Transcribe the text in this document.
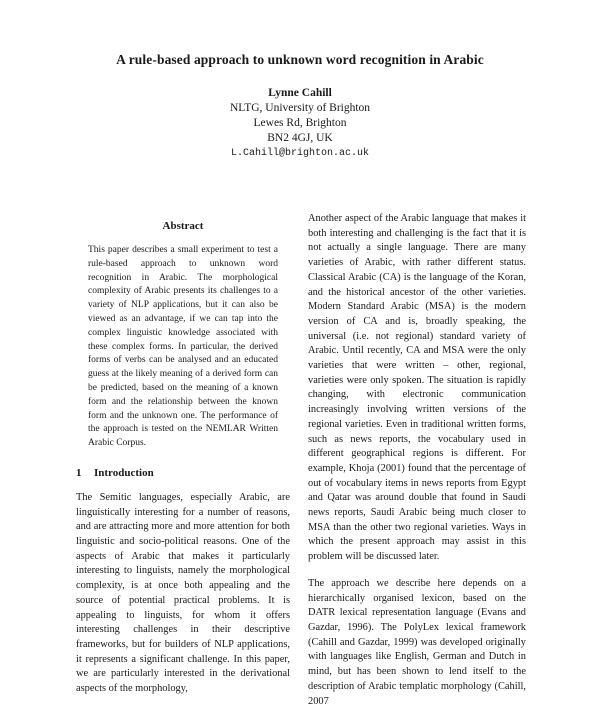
A rule-based approach to unknown word recognition in Arabic
Lynne Cahill
NLTG, University of Brighton
Lewes Rd, Brighton
BN2 4GJ, UK
L.Cahill@brighton.ac.uk
Abstract
This paper describes a small experiment to test a rule-based approach to unknown word recognition in Arabic. The morphological complexity of Arabic presents its challenges to a variety of NLP applications, but it can also be viewed as an advantage, if we can tap into the complex linguistic knowledge associated with these complex forms. In particular, the derived forms of verbs can be analysed and an educated guess at the likely meaning of a derived form can be predicted, based on the meaning of a known form and the relationship between the known form and the unknown one. The performance of the approach is tested on the NEMLAR Written Arabic Corpus.
1 Introduction
The Semitic languages, especially Arabic, are linguistically interesting for a number of reasons, and are attracting more and more attention for both linguistic and socio-political reasons. One of the aspects of Arabic that makes it particularly interesting to linguists, namely the morphological complexity, is at once both appealing and the source of potential practical problems. It is appealing to linguists, for whom it offers interesting challenges in their descriptive frameworks, but for builders of NLP applications, it represents a significant challenge. In this paper, we are particularly interested in the derivational aspects of the morphology,

Another aspect of the Arabic language that makes it both interesting and challenging is the fact that it is not actually a single language. There are many varieties of Arabic, with rather different status. Classical Arabic (CA) is the language of the Koran, and the historical ancestor of the other varieties. Modern Standard Arabic (MSA) is the modern version of CA and is, broadly speaking, the universal (i.e. not regional) standard variety of Arabic. Until recently, CA and MSA were the only varieties that were written – other, regional, varieties were only spoken. The situation is rapidly changing, with electronic communication increasingly involving written versions of the regional varieties. Even in traditional written forms, such as news reports, the vocabulary used in different geographical regions is different. For example, Khoja (2001) found that the percentage of out of vocabulary items in news reports from Egypt and Qatar was around double that found in Saudi news reports, Saudi Arabic being much closer to MSA than the other two regional varieties. Ways in which the present approach may assist in this problem will be discussed later.

The approach we describe here depends on a hierarchically organised lexicon, based on the DATR lexical representation language (Evans and Gazdar, 1996). The PolyLex lexical framework (Cahill and Gazdar, 1999) was developed originally with languages like English, German and Dutch in mind, but has been shown to lend itself to the description of Arabic templatic morphology (Cahill, 2007
